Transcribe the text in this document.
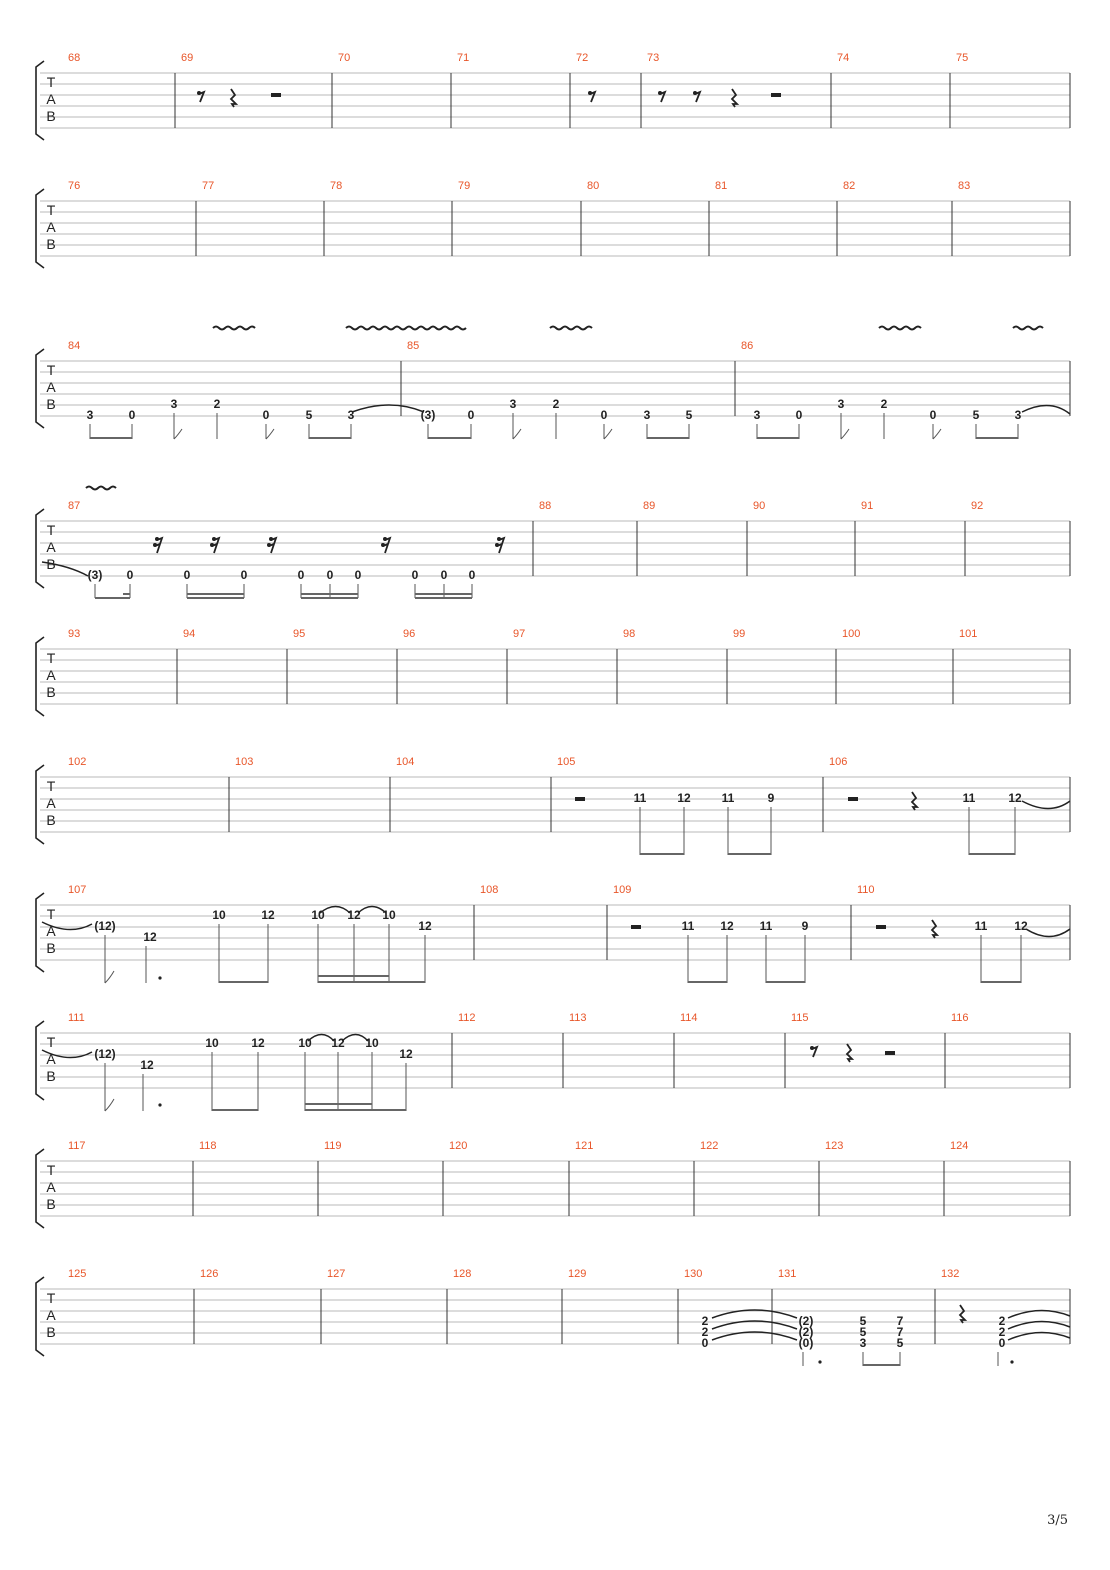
T
A
B
68	69	70	71	72	73	74	75
T
A
B
76	77	78	79	80	81	82	83
T
A
B
84	85	86
T
A
B
87	88	89	90	91	92
T
A
B
93	94	95	96	97	98	99	100	101
T
A
B
102	103	104	105	106
T
A
B
107	108	109	110
T
A
B
111	112	113	114	115	116
T
A
B
117	118	119	120	121	122	123	124
T
A
B
125	126	127	128	129	130	131	132
3	0
3	2
0	5	3	(3)	0
3	2
0	3	5	3	0
3	2
0	5	3
(3) 0	0	0	0 0 0	0 0 0
11	12	11	9	11	12
(12)
12
10	12	10 12 10
12	11 12 11 9	11 12
(12)
12
10	12	10 12 10
12
2
2
0
(2)
(2)
(0)
5
5
3
7
7
5
2
2
0
3/5
